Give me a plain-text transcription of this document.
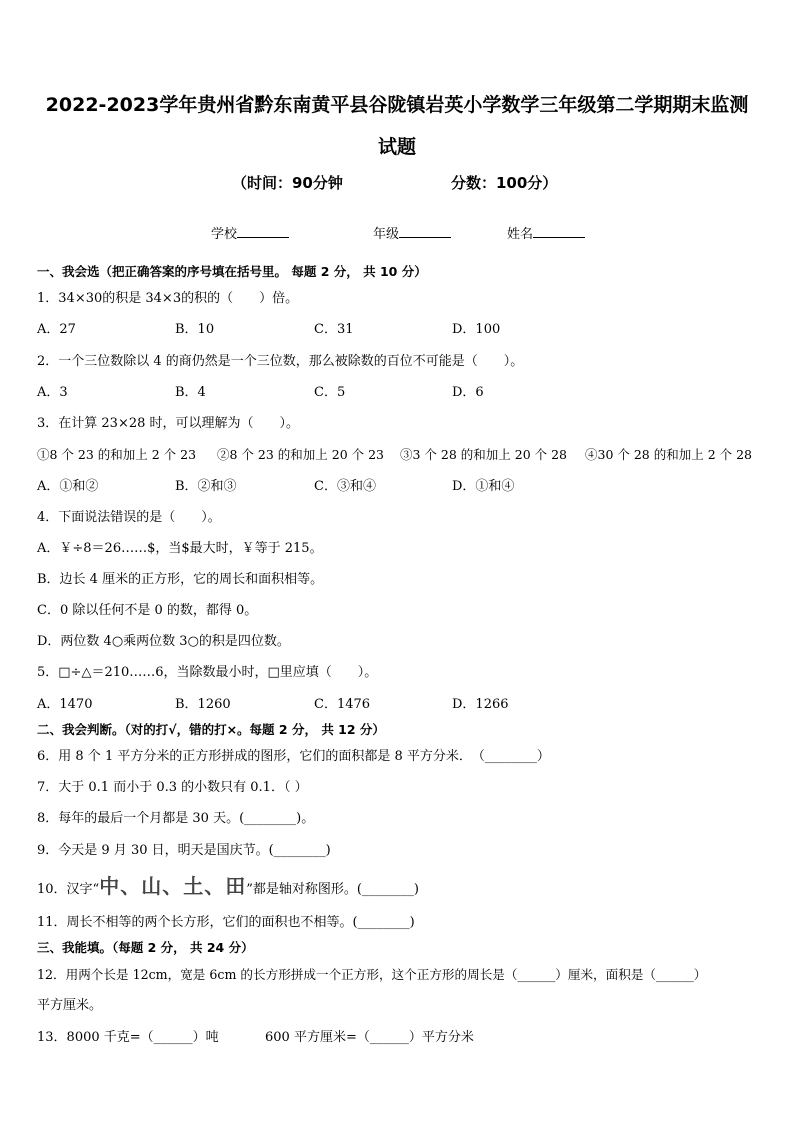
2022-2023学年贵州省黔东南黄平县谷陇镇岩英小学数学三年级第二学期期末监测试题
（时间：90分钟	分数：100分）
学校	年级	姓名
一、我会选（把正确答案的序号填在括号里。 每题 2 分， 共 10 分）
1．34×30的积是 34×3的积的（　　）倍。
A．27	B．10	C．31	D．100
2．一个三位数除以 4 的商仍然是一个三位数，那么被除数的百位不可能是（　　）。
A．3	B．4	C．5	D．6
3．在计算 23×28 时，可以理解为（　　）。
①8 个 23 的和加上 2 个 23 ②8 个 23 的和加上 20 个 23 ③3 个 28 的和加上 20 个 28 ④30 个 28 的和加上 2 个 28
A．①和②	B．②和③	C．③和④	D．①和④
4．下面说法错误的是（　　）。
A．￥÷8＝26……$，当$最大时，￥等于 215。
B．边长 4 厘米的正方形，它的周长和面积相等。
C．0 除以任何不是 0 的数，都得 0。
D．两位数 4○乘两位数 3○的积是四位数。
5．□÷△＝210……6，当除数最小时，□里应填（　　）。
A．1470	B．1260	C．1476	D．1266
二、我会判断。（对的打√，错的打×。每题 2 分， 共 12 分）
6．用 8 个 1 平方分米的正方形拼成的图形，它们的面积都是 8 平方分米．　（________）
7．大于 0.1 而小于 0.3 的小数只有 0.1．（ ）
8．每年的最后一个月都是 30 天。(________)。
9．今天是 9 月 30 日，明天是国庆节。(________)
10．汉字“中、山、土、田”都是轴对称图形。(________)
11．周长不相等的两个长方形，它们的面积也不相等。(________)
三、我能填。（每题 2 分， 共 24 分）
12．用两个长是 12cm，宽是 6cm 的长方形拼成一个正方形，这个正方形的周长是（______）厘米，面积是（______）
平方厘米。
13．8000 千克=（______）吨	600 平方厘米=（______）平方分米
